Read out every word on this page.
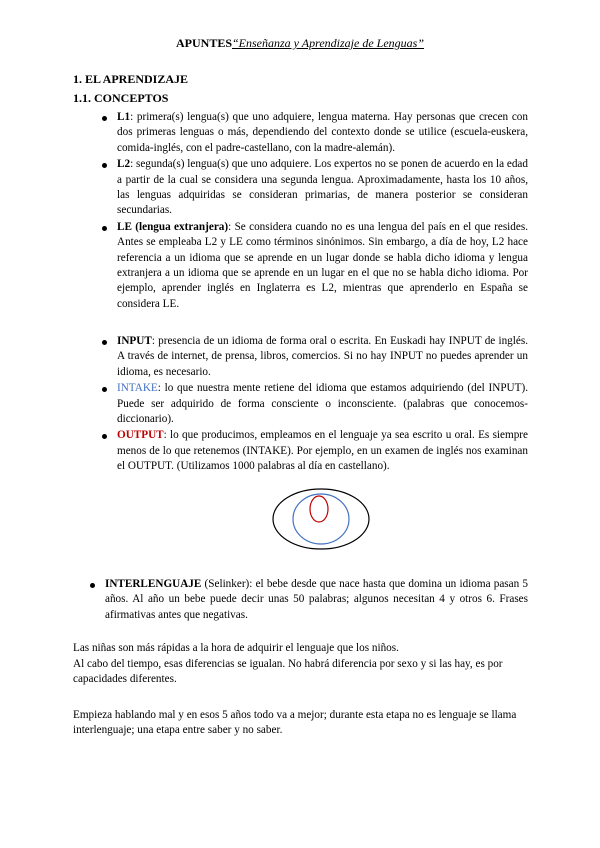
APUNTES“Enseñanza y Aprendizaje de Lenguas”
1. EL APRENDIZAJE
1.1. CONCEPTOS

L1: primera(s) lengua(s) que uno adquiere, lengua materna. Hay personas que crecen con dos primeras lenguas o más, dependiendo del contexto donde se utilice (escuela-euskera, comida-inglés, con el padre-castellano, con la madre-alemán).

L2: segunda(s) lengua(s) que uno adquiere. Los expertos no se ponen de acuerdo en la edad a partir de la cual se considera una segunda lengua. Aproximadamente, hasta los 10 años, las lenguas adquiridas se consideran primarias, de manera posterior se consideran secundarias.

LE (lengua extranjera): Se considera cuando no es una lengua del país en el que resides. Antes se empleaba L2 y LE como términos sinónimos. Sin embargo, a día de hoy, L2 hace referencia a un idioma que se aprende en un lugar donde se habla dicho idioma y lengua extranjera a un idioma que se aprende en un lugar en el que no se habla dicho idioma. Por ejemplo, aprender inglés en Inglaterra es L2, mientras que aprenderlo en España se considera LE.

INPUT: presencia de un idioma de forma oral o escrita. En Euskadi hay INPUT de inglés. A través de internet, de prensa, libros, comercios. Si no hay INPUT no puedes aprender un idioma, es necesario.

INTAKE: lo que nuestra mente retiene del idioma que estamos adquiriendo (del INPUT). Puede ser adquirido de forma consciente o inconsciente. (palabras que conocemos-diccionario).

OUTPUT: lo que producimos, empleamos en el lenguaje ya sea escrito u oral. Es siempre menos de lo que retenemos (INTAKE). Por ejemplo, en un examen de inglés nos examinan el OUTPUT. (Utilizamos 1000 palabras al día en castellano).

INTERLENGUAJE (Selinker): el bebe desde que nace hasta que domina un idioma pasan 5 años. Al año un bebe puede decir unas 50 palabras; algunos necesitan 4 y otros 6. Frases afirmativas antes que negativas.

Las niñas son más rápidas a la hora de adquirir el lenguaje que los niños.

Al cabo del tiempo, esas diferencias se igualan. No habrá diferencia por sexo y si las hay, es por capacidades diferentes.

Empieza hablando mal y en esos 5 años todo va a mejor; durante esta etapa no es lenguaje se llama interlenguaje; una etapa entre saber y no saber.
